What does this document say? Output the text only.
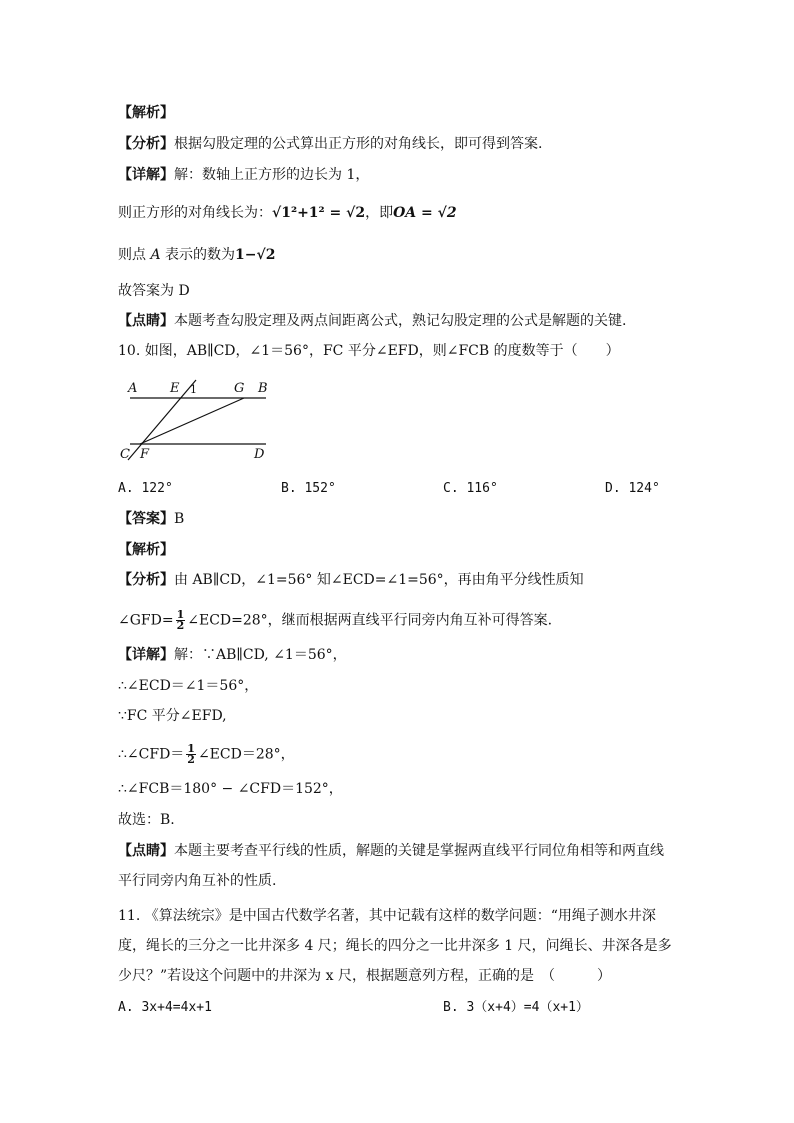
【解析】
【分析】根据勾股定理的公式算出正方形的对角线长，即可得到答案.
【详解】解：数轴上正方形的边长为 1，
则正方形的对角线长为：√1²+1² = √2，即OA = √2
则点 A 表示的数为1−√2
故答案为 D
【点睛】本题考查勾股定理及两点间距离公式，熟记勾股定理的公式是解题的关键.
10. 如图，AB∥CD，∠1＝56°，FC 平分∠EFD，则∠FCB 的度数等于（　　）
A	E 1	G B
C F	D
A. 122°	B. 152°	C. 116°	D. 124°
【答案】B
【解析】
【分析】由 AB∥CD，∠1=56° 知∠ECD=∠1=56°，再由角平分线性质知
∠GFD= $\frac{1}{2}$ ∠ECD=28°，继而根据两直线平行同旁内角互补可得答案.
【详解】解：∵AB∥CD, ∠1＝56°，
∴∠ECD＝∠1＝56°，
∵FC 平分∠EFD,
∴∠CFD＝ $\frac{1}{2}$ ∠ECD＝28°，
∴∠FCB＝180° − ∠CFD＝152°，
故选：B.
【点睛】本题主要考查平行线的性质，解题的关键是掌握两直线平行同位角相等和两直线
平行同旁内角互补的性质.
11. 《算法统宗》是中国古代数学名著，其中记载有这样的数学问题：“用绳子测水井深
度，绳长的三分之一比井深多 4 尺；绳长的四分之一比井深多 1 尺，问绳长、井深各是多
少尺？”若设这个问题中的井深为 x 尺，根据题意列方程，正确的是　（　　　）
A. 3x+4=4x+1	B. 3（x+4）=4（x+1）
